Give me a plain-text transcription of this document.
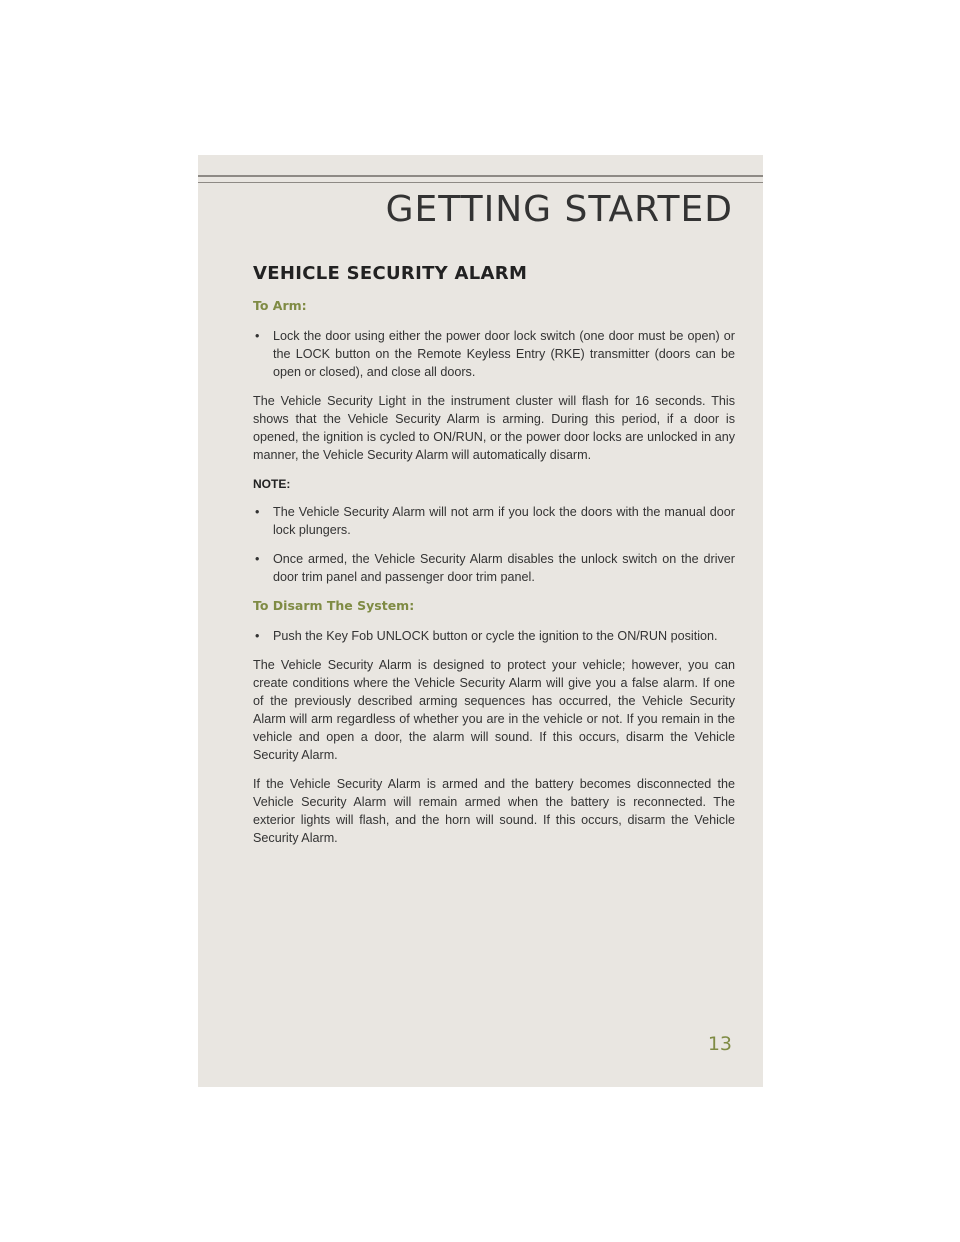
GETTING STARTED
VEHICLE SECURITY ALARM
To Arm:
• Lock the door using either the power door lock switch (one door must be open) or the LOCK button on the Remote Keyless Entry (RKE) transmitter (doors can be open or closed), and close all doors.

The Vehicle Security Light in the instrument cluster will flash for 16 seconds. This shows that the Vehicle Security Alarm is arming. During this period, if a door is opened, the ignition is cycled to ON/RUN, or the power door locks are unlocked in any manner, the Vehicle Security Alarm will automatically disarm.

NOTE:
• The Vehicle Security Alarm will not arm if you lock the doors with the manual door lock plungers.
• Once armed, the Vehicle Security Alarm disables the unlock switch on the driver door trim panel and passenger door trim panel.
To Disarm The System:
• Push the Key Fob UNLOCK button or cycle the ignition to the ON/RUN position.

The Vehicle Security Alarm is designed to protect your vehicle; however, you can create conditions where the Vehicle Security Alarm will give you a false alarm. If one of the previously described arming sequences has occurred, the Vehicle Security Alarm will arm regardless of whether you are in the vehicle or not. If you remain in the vehicle and open a door, the alarm will sound. If this occurs, disarm the Vehicle Security Alarm.

If the Vehicle Security Alarm is armed and the battery becomes disconnected the Vehicle Security Alarm will remain armed when the battery is reconnected. The exterior lights will flash, and the horn will sound. If this occurs, disarm the Vehicle Security Alarm.

13
